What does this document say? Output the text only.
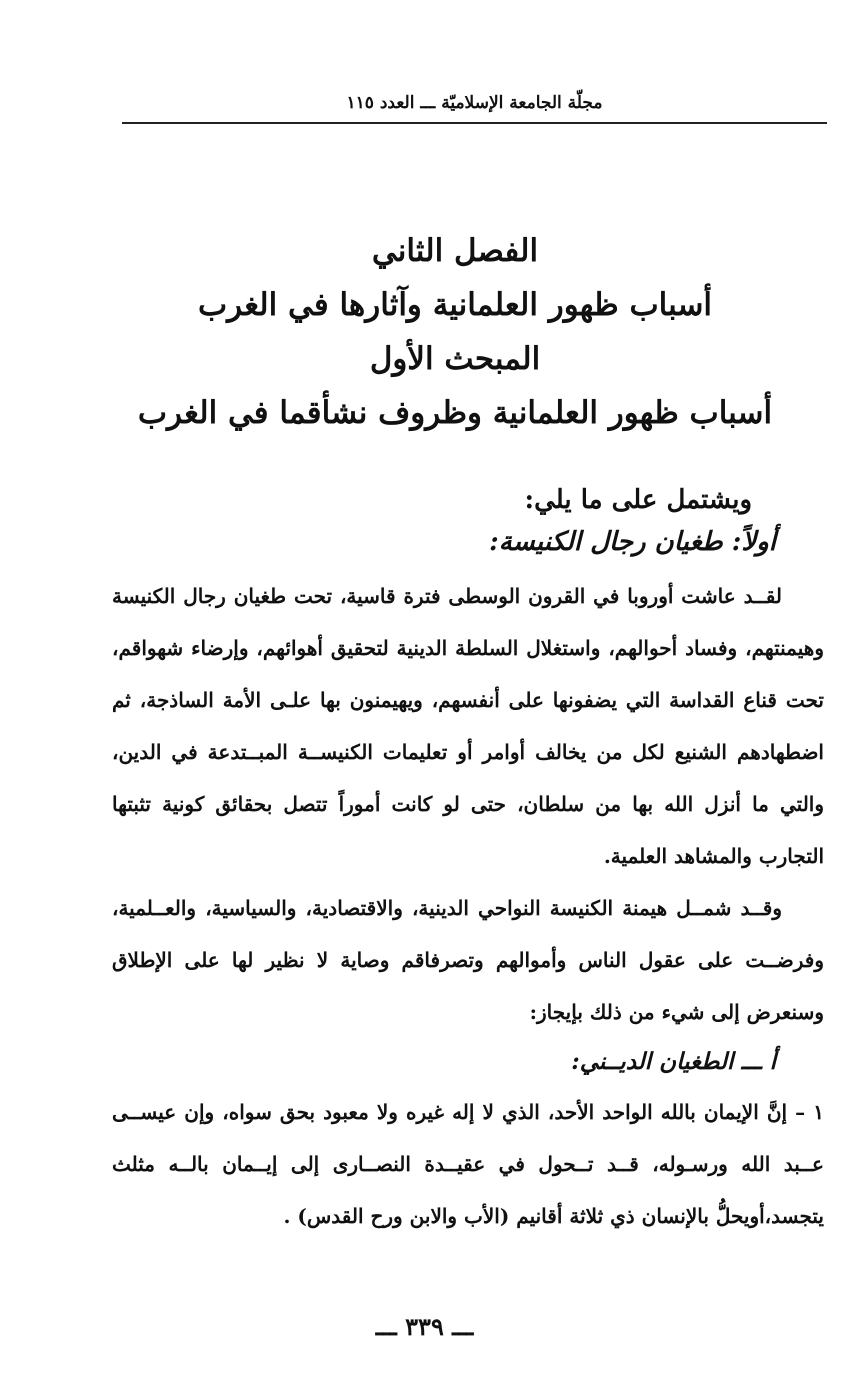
مجلّة الجامعة الإسلاميّة ـــ العدد ١١٥
الفصل الثاني
أسباب ظهور العلمانية وآثارها في الغرب
المبحث الأول
أسباب ظهور العلمانية وظروف نشأقما في الغرب
ويشتمل على ما يلي:
أولاً: طغيان رجال الكنيسة:

لقــد عاشت أوروبا في القرون الوسطى فترة قاسية، تحت طغيان رجال الكنيسة وهيمنتهم، وفساد أحوالهم، واستغلال السلطة الدينية لتحقيق أهوائهم، وإرضاء شهواقم، تحت قناع القداسة التي يضفونها على أنفسهم، ويهيمنون بها علـى الأمة الساذجة، ثم اضطهادهم الشنيع لكل من يخالف أوامر أو تعليمات الكنيســة المبــتدعة في الدين، والتي ما أنزل الله بها من سلطان، حتى لو كانت أموراً تتصل بحقائق كونية تثبتها التجارب والمشاهد العلمية.

وقــد شمــل هيمنة الكنيسة النواحي الدينية، والاقتصادية، والسياسية، والعــلمية، وفرضــت على عقول الناس وأموالهم وتصرفاقم وصاية لا نظير لها على الإطلاق وسنعرض إلى شيء من ذلك بإيجاز:

أ ـــ الطغيان الديــني:

١ – إنَّ الإيمان بالله الواحد الأحد، الذي لا إله غيره ولا معبود بحق سواه، وإن عيســى عــبد الله ورسـوله، قــد تــحول في عقيــدة النصــارى إلى إيــمان بالــه مثلث يتجسد،أويحلُّ بالإنسان ذي ثلاثة أقانيم (الأب والابن ورح القدس) .

ـــ ٣٣٩ ـــ
